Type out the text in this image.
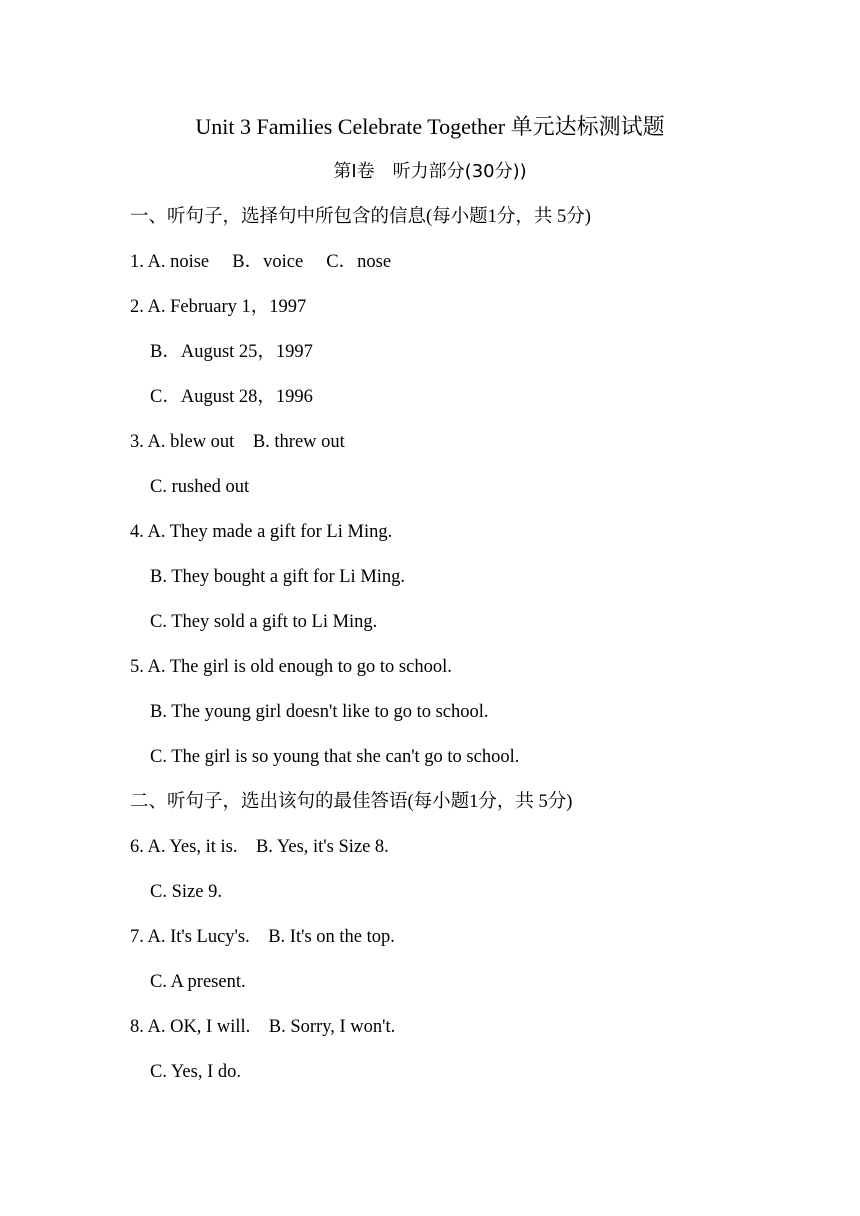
Unit 3 Families Celebrate Together 单元达标测试题
第Ⅰ卷　听力部分(30分))
一、听句子，选择句中所包含的信息(每小题1分，共 5分)
1. A. noise　 B．voice　 C．nose
2. A. February 1，1997
B．August 25，1997
C．August 28，1996
3. A. blew out　B. threw out
C. rushed out
4. A. They made a gift for Li Ming.
B. They bought a gift for Li Ming.
C. They sold a gift to Li Ming.
5. A. The girl is old enough to go to school.
B. The young girl doesn't like to go to school.
C. The girl is so young that she can't go to school.
二、听句子，选出该句的最佳答语(每小题1分，共 5分)
6. A. Yes, it is.　B. Yes, it's Size 8.
C. Size 9.
7. A. It's Lucy's.　B. It's on the top.
C. A present.
8. A. OK, I will.　B. Sorry, I won't.
C. Yes, I do.
